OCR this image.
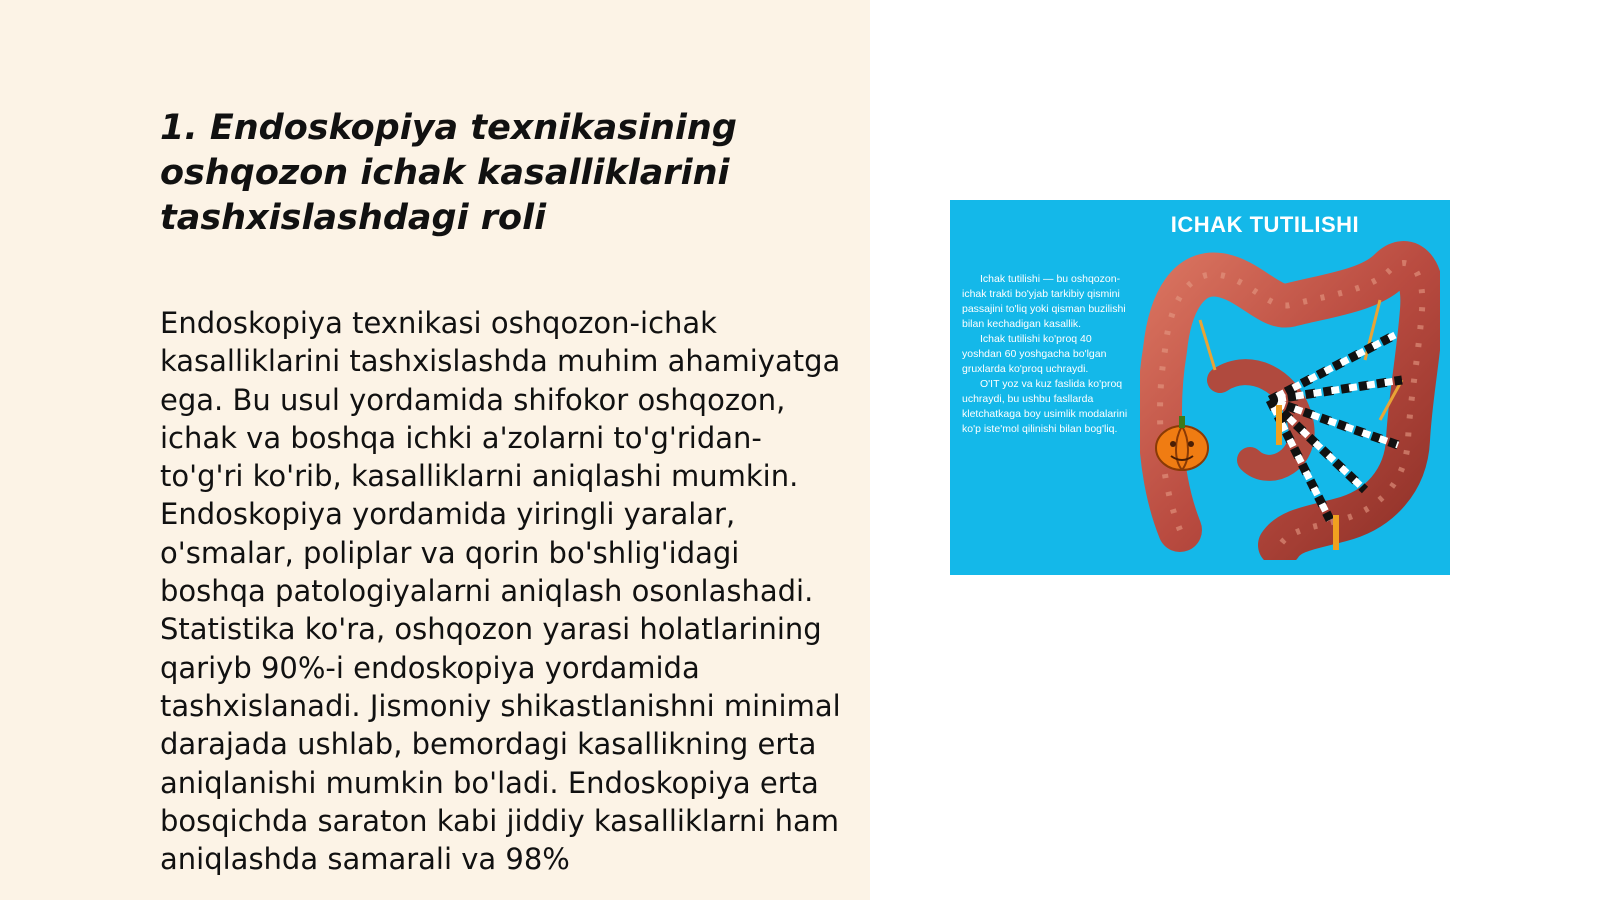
1. Endoskopiya texnikasining oshqozon ichak kasalliklarini tashxislashdagi roli

Endoskopiya texnikasi oshqozon-ichak kasalliklarini tashxislashda muhim ahamiyatga ega. Bu usul yordamida shifokor oshqozon, ichak va boshqa ichki a'zolarni to'g'ridan-to'g'ri ko'rib, kasalliklarni aniqlashi mumkin. Endoskopiya yordamida yiringli yaralar, o'smalar, poliplar va qorin bo'shlig'idagi boshqa patologiyalarni aniqlash osonlashadi. Statistika ko'ra, oshqozon yarasi holatlarining qariyb 90%-i endoskopiya yordamida tashxislanadi. Jismoniy shikastlanishni minimal darajada ushlab, bemordagi kasallikning erta aniqlanishi mumkin bo'ladi. Endoskopiya erta bosqichda saraton kabi jiddiy kasalliklarni ham aniqlashda samarali va 98%

ICHAK TUTILISHI

Ichak tutilishi — bu oshqozon-ichak trakti bo'yjab tarkibiy qismini passajini to'liq yoki qisman buzilishi bilan kechadigan kasallik.

Ichak tutilishi ko'proq 40 yoshdan 60 yoshgacha bo'lgan gruxlarda ko'proq uchraydi.

O'IT yoz va kuz faslida ko'proq uchraydi, bu ushbu fasllarda kletchatkaga boy usimlik modalarini ko'p iste'mol qilinishi bilan bog'liq.
